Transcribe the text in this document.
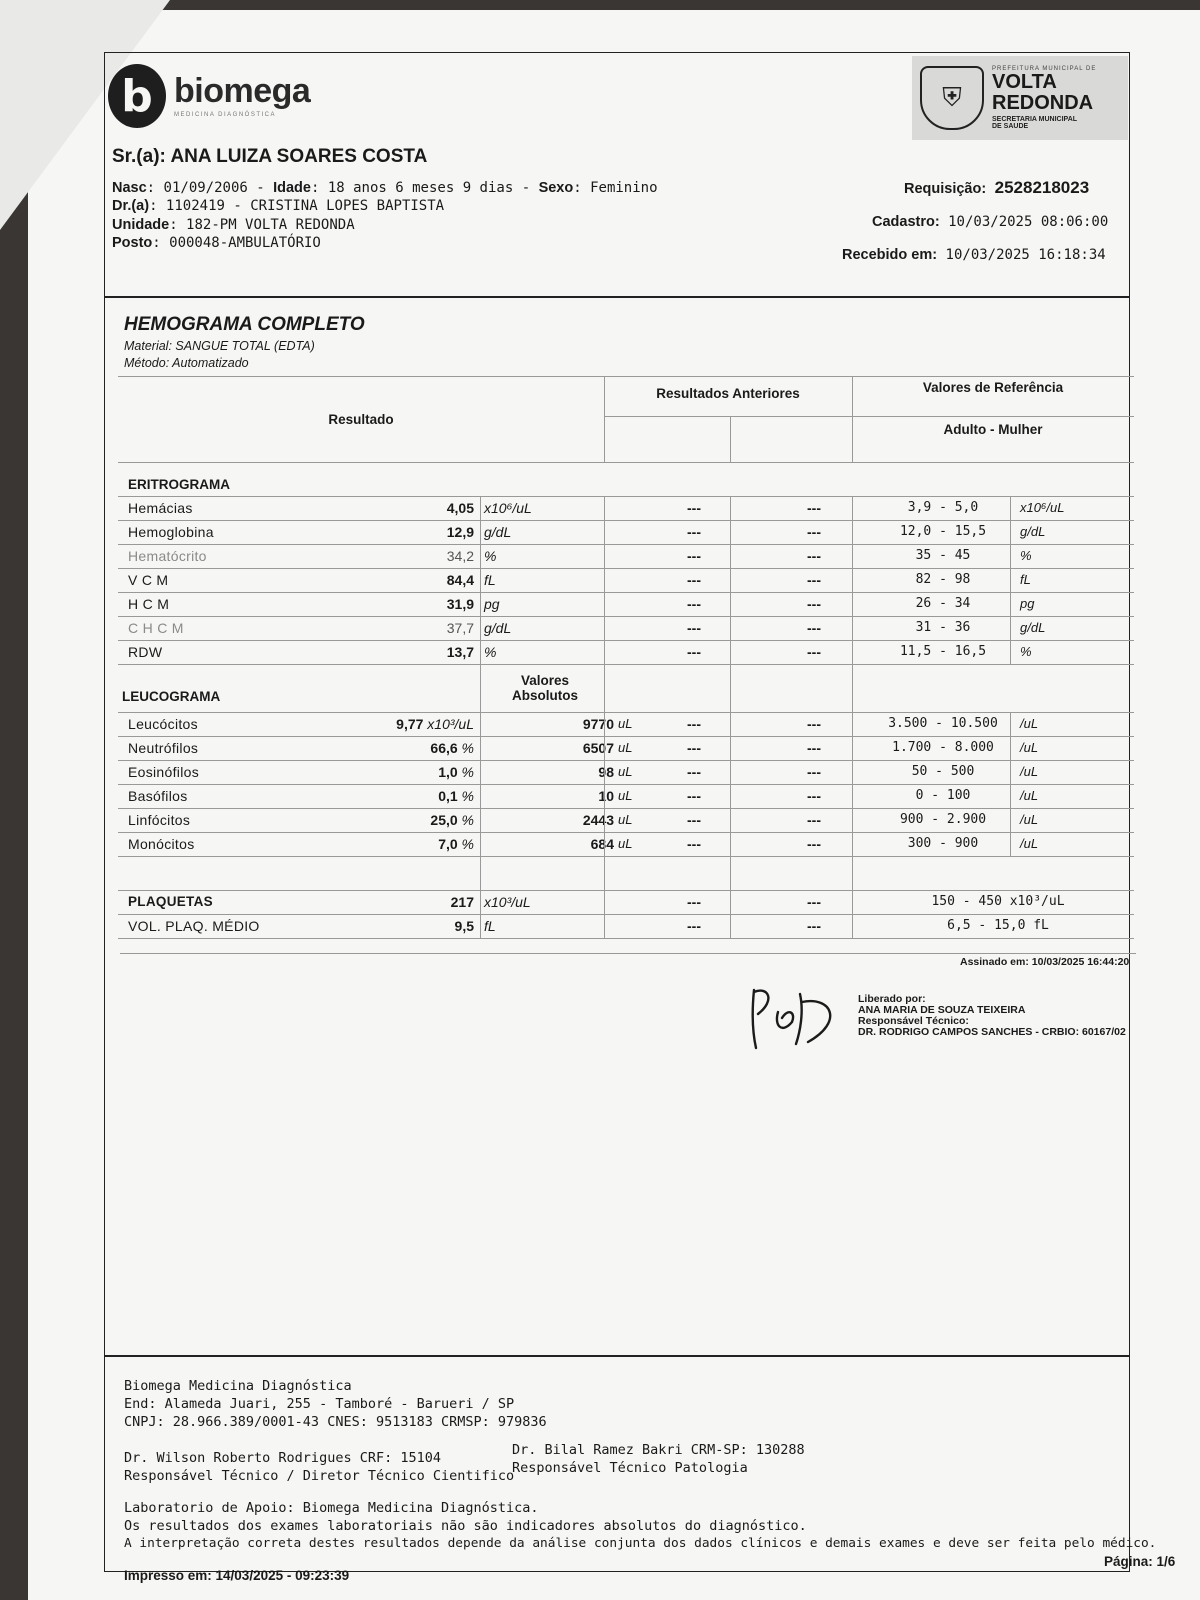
b biomega
MEDICINA DIAGNÓSTICA
⛨
PREFEITURA MUNICIPAL DE
VOLTA
REDONDA
SECRETARIA MUNICIPAL
DE SAUDE
Sr.(a): ANA LUIZA SOARES COSTA
Nasc: 01/09/2006 - Idade: 18 anos 6 meses 9 dias - Sexo: Feminino
Dr.(a): 1102419 - CRISTINA LOPES BAPTISTA
Unidade: 182-PM VOLTA REDONDA
Posto: 000048-AMBULATÓRIO
Requisição: 2528218023
Cadastro: 10/03/2025 08:06:00
Recebido em: 10/03/2025 16:18:34
HEMOGRAMA COMPLETO
Material: SANGUE TOTAL (EDTA)
Método: Automatizado
Resultado
Resultados Anteriores	Valores de Referência
Adulto - Mulher
ERITROGRAMA
LEUCOGRAMA
Valores
Absolutos
Hemácias	4,05 x10⁶/uL	---	---	3,9 - 5,0	x10⁶/uL
Hemoglobina	12,9 g/dL	---	---	12,0 - 15,5	g/dL
Hematócrito	34,2 %	---	---	35 - 45	%
V C M	84,4 fL	---	---	82 - 98	fL
H C M	31,9 pg	---	---	26 - 34	pg
C H C M	37,7 g/dL	---	---	31 - 36	g/dL
RDW	13,7 %	---	---	11,5 - 16,5	%
Leucócitos	9,77 x10³/uL	9770 uL	---	---	3.500 - 10.500	/uL
Neutrófilos	66,6 %	6507 uL	---	---	1.700 - 8.000	/uL
Eosinófilos	1,0 %	98 uL	---	---	50 - 500	/uL
Basófilos	0,1 %	10 uL	---	---	0 - 100	/uL
Linfócitos	25,0 %	2443 uL	---	---	900 - 2.900	/uL
Monócitos	7,0 %	684 uL	---	---	300 - 900	/uL
PLAQUETAS	217 x10³/uL	---	---	150 - 450 x10³/uL
VOL. PLAQ. MÉDIO	9,5 fL	---	---	6,5 - 15,0 fL
Assinado em: 10/03/2025 16:44:20
Liberado por:
ANA MARIA DE SOUZA TEIXEIRA
Responsável Técnico:
DR. RODRIGO CAMPOS SANCHES - CRBIO: 60167/02
Biomega Medicina Diagnóstica
End: Alameda Juari, 255 - Tamboré - Barueri / SP
CNPJ: 28.966.389/0001-43 CNES: 9513183 CRMSP: 979836
Dr. Wilson Roberto Rodrigues CRF: 15104
Responsável Técnico / Diretor Técnico Cientifico
Dr. Bilal Ramez Bakri CRM-SP: 130288
Responsável Técnico Patologia
Laboratorio de Apoio: Biomega Medicina Diagnóstica.
Os resultados dos exames laboratoriais não são indicadores absolutos do diagnóstico.
A interpretação correta destes resultados depende da análise conjunta dos dados clínicos e demais exames e deve ser feita pelo médico.
Página: 1/6
Impresso em: 14/03/2025 - 09:23:39
